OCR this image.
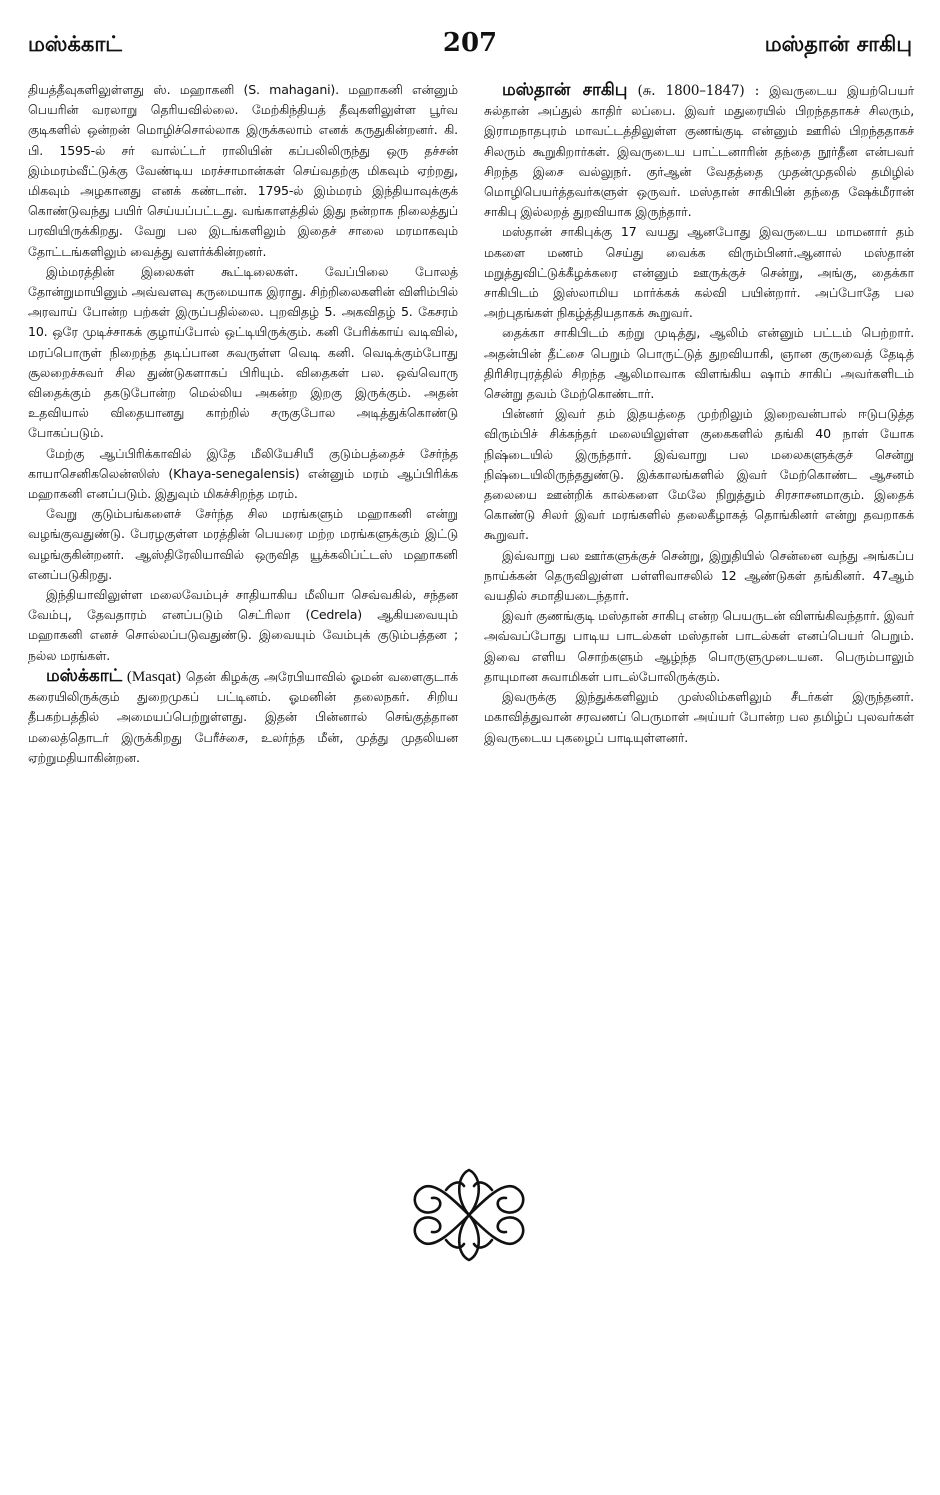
மஸ்க்காட்	207	மஸ்தான் சாகிபு

தியத்தீவுகளிலுள்ளது ஸ். மஹாகனி (S. mahagani). மஹாகனி என்னும் பெயரின் வரலாறு தெரியவில்லை. மேற்கிந்தியத் தீவுகளிலுள்ள பூர்வ குடிகளில் ஒன்றன் மொழிச்சொல்லாக இருக்கலாம் எனக் கருதுகின்றனர். கி. பி. 1595-ல் சர் வால்ட்டர் ராலியின் கப்பலிலிருந்து ஒரு தச்சன் இம்மரம்வீட்டுக்கு வேண்டிய மரச்சாமான்கள் செய்வதற்கு மிகவும் ஏற்றது, மிகவும் அழகானது எனக் கண்டான். 1795-ல் இம்மரம் இந்தியாவுக்குக் கொண்டுவந்து பயிர் செய்யப்பட்டது. வங்காளத்தில் இது நன்றாக நிலைத்துப் பரவியிருக்கிறது. வேறு பல இடங்களிலும் இதைச் சாலை மரமாகவும் தோட்டங்களிலும் வைத்து வளர்க்கின்றனர்.

இம்மரத்தின் இலைகள் கூட்டிலைகள். வேப்பிலை போலத் தோன்றுமாயினும் அவ்வளவு கருமையாக இராது. சிற்றிலைகளின் விளிம்பில் அரவாய் போன்ற பற்கள் இருப்பதில்லை. புறவிதழ் 5. அகவிதழ் 5. கேசரம் 10. ஒரே முடிச்சாகக் குழாய்போல் ஒட்டியிருக்கும். கனி பேரிக்காய் வடிவில், மரப்பொருள் நிறைந்த தடிப்பான சுவருள்ள வெடி கனி. வெடிக்கும்போது சூலறைச்சுவர் சில துண்டுகளாகப் பிரியும். விதைகள் பல. ஒவ்வொரு விதைக்கும் தகடுபோன்ற மெல்லிய அகன்ற இறகு இருக்கும். அதன் உதவியால் விதையானது காற்றில் சருகுபோல அடித்துக்கொண்டு போகப்படும்.

மேற்கு ஆப்பிரிக்காவில் இதே மீலியேசியீ குடும்பத்தைச் சேர்ந்த காயாசெனிகலென்ஸிஸ் (Khaya-senegalensis) என்னும் மரம் ஆப்பிரிக்க மஹாகனி எனப்படும். இதுவும் மிகச்சிறந்த மரம்.

வேறு குடும்பங்களைச் சேர்ந்த சில மரங்களும் மஹாகனி என்று வழங்குவதுண்டு. பேரழகுள்ள மரத்தின் பெயரை மற்ற மரங்களுக்கும் இட்டு வழங்குகின்றனர். ஆஸ்திரேலியாவில் ஒருவித யூக்கலிப்ட்டஸ் மஹாகனி எனப்படுகிறது.

இந்தியாவிலுள்ள மலைவேம்புச் சாதியாகிய மீலியா செவ்வகில், சந்தன வேம்பு, தேவதாரம் எனப்படும் செட்ரிலா (Cedrela) ஆகியவையும் மஹாகனி எனச் சொல்லப்படுவதுண்டு. இவையும் வேம்புக் குடும்பத்தன ; நல்ல மரங்கள்.

மஸ்க்காட் (Masqat) தென் கிழக்கு அரேபியாவில் ஓமன் வளைகுடாக் கரையிலிருக்கும் துறைமுகப் பட்டினம். ஓமனின் தலைநகர். சிறிய தீபகற்பத்தில் அமையப்பெற்றுள்ளது. இதன் பின்னால் செங்குத்தான மலைத்தொடர் இருக்கிறது பேரீச்சை, உலர்ந்த மீன், முத்து முதலியன ஏற்றுமதியாகின்றன.

மஸ்தான் சாகிபு (சு. 1800–1847) : இவருடைய இயற்பெயர் சுல்தான் அப்துல் காதிர் லப்பை. இவர் மதுரையில் பிறந்ததாகச் சிலரும், இராமநாதபுரம் மாவட்டத்திலுள்ள குணங்குடி என்னும் ஊரில் பிறந்ததாகச் சிலரும் கூறுகிறார்கள். இவருடைய பாட்டனாரின் தந்தை நூர்தீன என்பவர் சிறந்த இசை வல்லுநர். குர்ஆன் வேதத்தை முதன்முதலில் தமிழில் மொழிபெயர்த்தவர்களுள் ஒருவர். மஸ்தான் சாகிபின் தந்தை ஷேக்மீரான் சாகிபு இல்லறத் துறவியாக இருந்தார்.

மஸ்தான் சாகிபுக்கு 17 வயது ஆனபோது இவருடைய மாமனார் தம் மகளை மணம் செய்து வைக்க விரும்பினர்.ஆனால் மஸ்தான் மறுத்துவிட்டுக்கீழக்கரை என்னும் ஊருக்குச் சென்று, அங்கு, தைக்கா சாகிபிடம் இஸ்லாமிய மார்க்கக் கல்வி பயின்றார். அப்போதே பல அற்புதங்கள் நிகழ்த்தியதாகக் கூறுவர்.

தைக்கா சாகிபிடம் கற்று முடித்து, ஆலிம் என்னும் பட்டம் பெற்றார். அதன்பின் தீட்சை பெறும் பொருட்டுத் துறவியாகி, ஞான குருவைத் தேடித் திரிசிரபுரத்தில் சிறந்த ஆலிமாவாக விளங்கிய ஷாம் சாகிப் அவர்களிடம் சென்று தவம் மேற்கொண்டார்.

பின்னர் இவர் தம் இதயத்தை முற்றிலும் இறைவன்பால் ஈடுபடுத்த விரும்பிச் சிக்கந்தர் மலையிலுள்ள குகைகளில் தங்கி 40 நாள் யோக நிஷ்டையில் இருந்தார். இவ்வாறு பல மலைகளுக்குச் சென்று நிஷ்டையிலிருந்ததுண்டு. இக்காலங்களில் இவர் மேற்கொண்ட ஆசனம் தலையை ஊன்றிக் கால்களை மேலே நிறுத்தும் சிரசாசனமாகும். இதைக் கொண்டு சிலர் இவர் மரங்களில் தலைகீழாகத் தொங்கினர் என்று தவறாகக் கூறுவர்.

இவ்வாறு பல ஊர்களுக்குச் சென்று, இறுதியில் சென்னை வந்து அங்கப்ப நாய்க்கன் தெருவிலுள்ள பள்ளிவாசலில் 12 ஆண்டுகள் தங்கினர். 47ஆம் வயதில் சமாதியடைந்தார்.

இவர் குணங்குடி மஸ்தான் சாகிபு என்ற பெயருடன் விளங்கிவந்தார். இவர் அவ்வப்போது பாடிய பாடல்கள் மஸ்தான் பாடல்கள் எனப்பெயர் பெறும். இவை எளிய சொற்களும் ஆழ்ந்த பொருளுமுடையன. பெரும்பாலும் தாயுமான சுவாமிகள் பாடல்போலிருக்கும்.

இவருக்கு இந்துக்களிலும் முஸ்லிம்களிலும் சீடர்கள் இருந்தனர். மகாவித்துவான் சரவணப் பெருமாள் அய்யர் போன்ற பல தமிழ்ப் புலவர்கள் இவருடைய புகழைப் பாடியுள்ளனர்.
